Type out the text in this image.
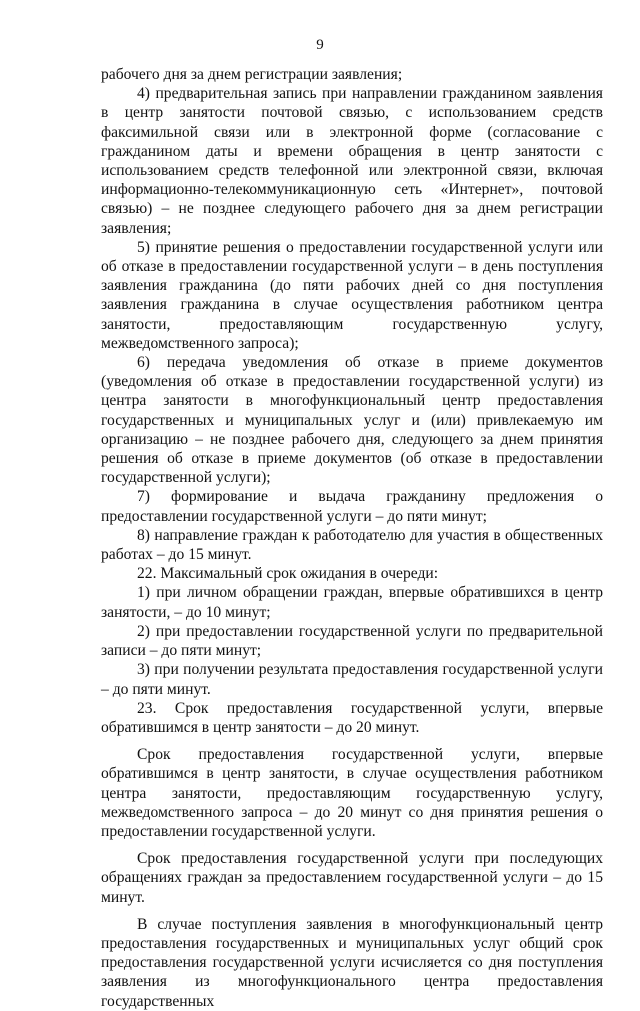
9

рабочего дня за днем регистрации заявления;

4) предварительная запись при направлении гражданином заявления в центр занятости почтовой связью, с использованием средств факсимильной связи или в электронной форме (согласование с гражданином даты и времени обращения в центр занятости с использованием средств телефонной или электронной связи, включая информационно-телекоммуникационную сеть «Интернет», почтовой связью) – не позднее следующего рабочего дня за днем регистрации заявления;

5) принятие решения о предоставлении государственной услуги или об отказе в предоставлении государственной услуги – в день поступления заявления гражданина (до пяти рабочих дней со дня поступления заявления гражданина в случае осуществления работником центра занятости, предоставляющим государственную услугу, межведомственного запроса);

6) передача уведомления об отказе в приеме документов (уведомления об отказе в предоставлении государственной услуги) из центра занятости в многофункциональный центр предоставления государственных и муниципальных услуг и (или) привлекаемую им организацию – не позднее рабочего дня, следующего за днем принятия решения об отказе в приеме документов (об отказе в предоставлении государственной услуги);

7) формирование и выдача гражданину предложения о предоставлении государственной услуги – до пяти минут;

8) направление граждан к работодателю для участия в общественных работах – до 15 минут.

22. Максимальный срок ожидания в очереди:

1) при личном обращении граждан, впервые обратившихся в центр занятости, – до 10 минут;

2) при предоставлении государственной услуги по предварительной записи – до пяти минут;

3) при получении результата предоставления государственной услуги – до пяти минут.

23. Срок предоставления государственной услуги, впервые обратившимся в центр занятости – до 20 минут.

Срок предоставления государственной услуги, впервые обратившимся в центр занятости, в случае осуществления работником центра занятости, предоставляющим государственную услугу, межведомственного запроса – до 20 минут со дня принятия решения о предоставлении государственной услуги.

Срок предоставления государственной услуги при последующих обращениях граждан за предоставлением государственной услуги – до 15 минут.

В случае поступления заявления в многофункциональный центр предоставления государственных и муниципальных услуг общий срок предоставления государственной услуги исчисляется со дня поступления заявления из многофункционального центра предоставления государственных
